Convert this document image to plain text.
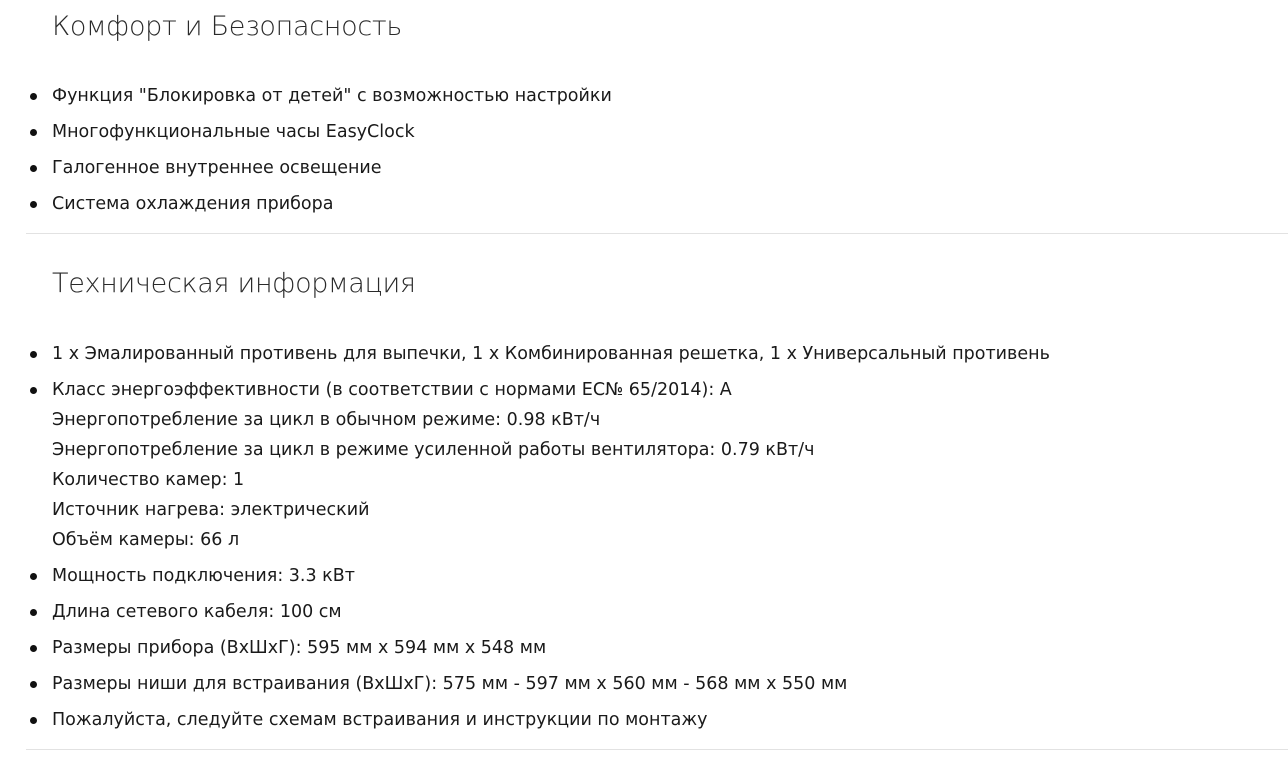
Комфорт и Безопасность
Функция "Блокировка от детей" с возможностью настройки
Многофункциональные часы EasyClock
Галогенное внутреннее освещение
Система охлаждения прибора
Техническая информация
1 x Эмалированный противень для выпечки, 1 x Комбинированная решетка, 1 x Универсальный противень
Класс энергоэффективности (в соответствии с нормами EC№ 65/2014): A
Энергопотребление за цикл в обычном режиме: 0.98 кВт/ч
Энергопотребление за цикл в режиме усиленной работы вентилятора: 0.79 кВт/ч
Количество камер: 1
Источник нагрева: электрический
Объём камеры: 66 л
Мощность подключения: 3.3 кВт
Длина сетевого кабеля: 100 см
Размеры прибора (ВxШxГ): 595 мм x 594 мм x 548 мм
Размеры ниши для встраивания (ВxШxГ): 575 мм - 597 мм x 560 мм - 568 мм x 550 мм
Пожалуйста, следуйте схемам встраивания и инструкции по монтажу
